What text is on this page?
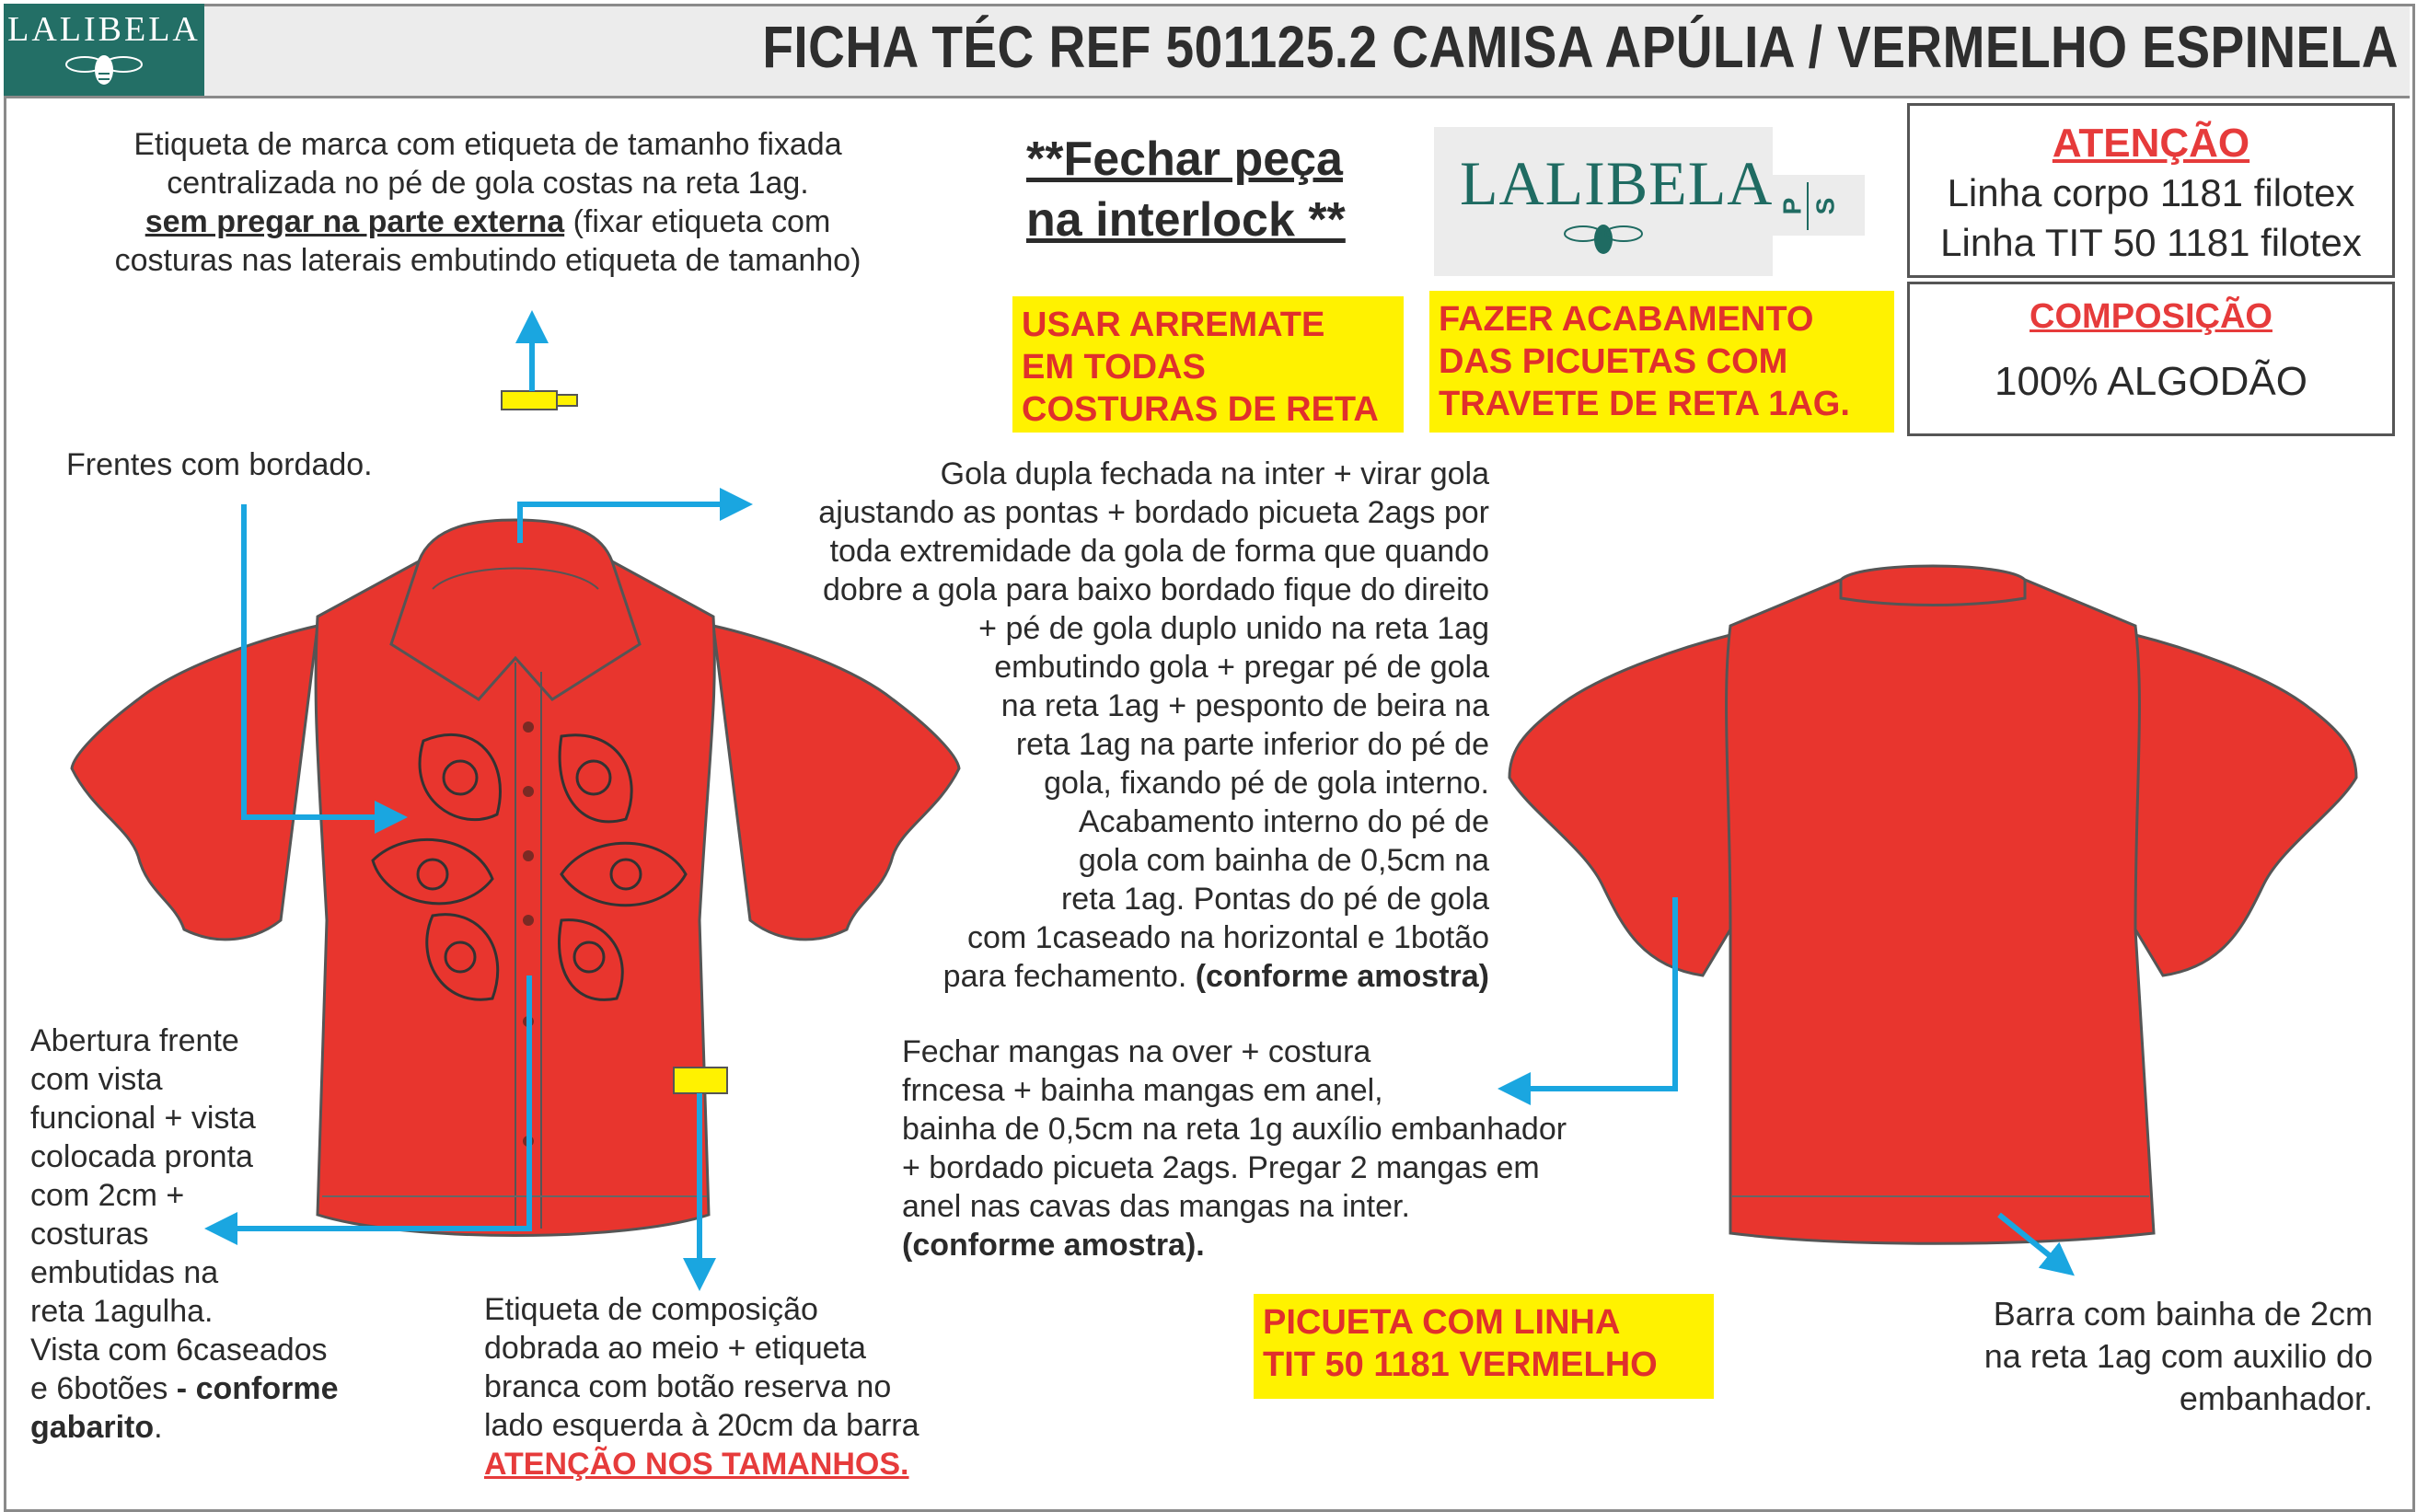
LALIBELA	FICHA TÉC REF 501125.2 CAMISA APÚLIA / VERMELHO ESPINELA
Etiqueta de marca com etiqueta de tamanho fixada
centralizada no pé de gola costas na reta 1ag.
sem pregar na parte externa (fixar etiqueta com
costuras nas laterais embutindo etiqueta de tamanho)
**Fechar peça
na interlock **
LALIBELA P S
ATENÇÃO
Linha corpo 1181 filotex
Linha TIT 50 1181 filotex
COMPOSIÇÃO
100% ALGODÃO
USAR ARREMATE
EM TODAS
COSTURAS DE RETA
FAZER ACABAMENTO
DAS PICUETAS COM
TRAVETE DE RETA 1AG.
PICUETA COM LINHA
TIT 50 1181 VERMELHO
Frentes com bordado.	Gola dupla fechada na inter + virar gola
ajustando as pontas + bordado picueta 2ags por
toda extremidade da gola de forma que quando
dobre a gola para baixo bordado fique do direito
+ pé de gola duplo unido na reta 1ag
embutindo gola + pregar pé de gola
na reta 1ag + pesponto de beira na
reta 1ag na parte inferior do pé de
gola, fixando pé de gola interno.
Acabamento interno do pé de
gola com bainha de 0,5cm na
reta 1ag. Pontas do pé de gola
com 1caseado na horizontal e 1botão
para fechamento. (conforme amostra)
Abertura frente
com vista
funcional + vista
colocada pronta
com 2cm +
costuras
embutidas na
reta 1agulha.
Vista com 6caseados
e 6botões - conforme
gabarito.
Fechar mangas na over + costura
frncesa + bainha mangas em anel,
bainha de 0,5cm na reta 1g auxílio embanhador
+ bordado picueta 2ags. Pregar 2 mangas em
anel nas cavas das mangas na inter.
(conforme amostra).
Etiqueta de composição
dobrada ao meio + etiqueta
branca com botão reserva no
lado esquerda à 20cm da barra
ATENÇÃO NOS TAMANHOS.
Barra com bainha de 2cm
na reta 1ag com auxilio do
embanhador.
